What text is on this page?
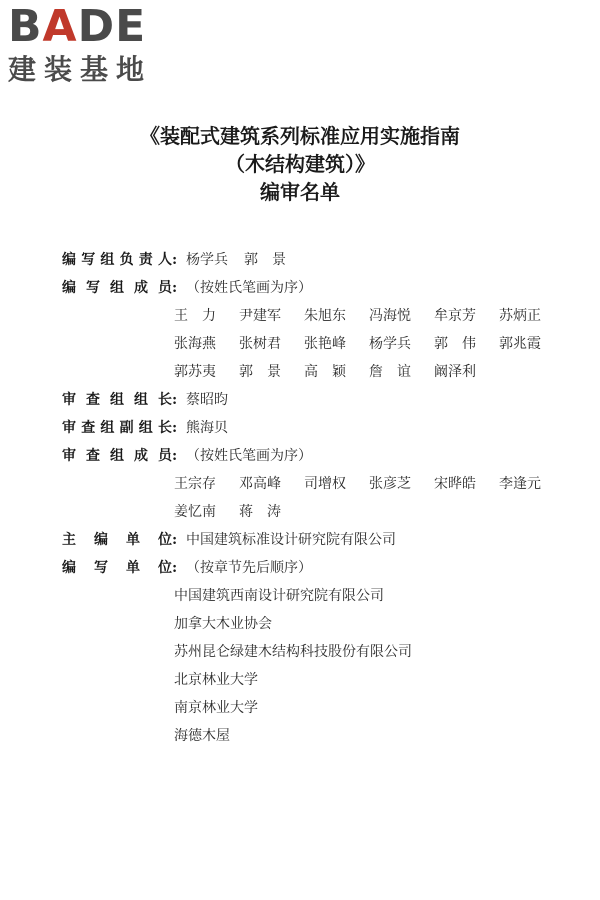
BADE
建装基地
《装配式建筑系列标准应用实施指南
（木结构建筑）》
编审名单
编写组负责人 : 杨学兵 郭　景
编写组成员 : （按姓氏笔画为序）
王　力	尹建军	朱旭东	冯海悦	牟京芳	苏炳正
张海燕	张树君	张艳峰	杨学兵	郭　伟	郭兆霞
郭苏夷	郭　景	高　颖	詹　谊	阚泽利
审查组组长 : 蔡昭昀
审查组副组长 : 熊海贝
审查组成员 : （按姓氏笔画为序）
王宗存	邓高峰	司增权	张彦芝	宋晔皓	李逢元
姜忆南	蒋　涛
主编单位 : 中国建筑标准设计研究院有限公司
编写单位 : （按章节先后顺序）
中国建筑西南设计研究院有限公司
加拿大木业协会
苏州昆仑绿建木结构科技股份有限公司
北京林业大学
南京林业大学
海德木屋
